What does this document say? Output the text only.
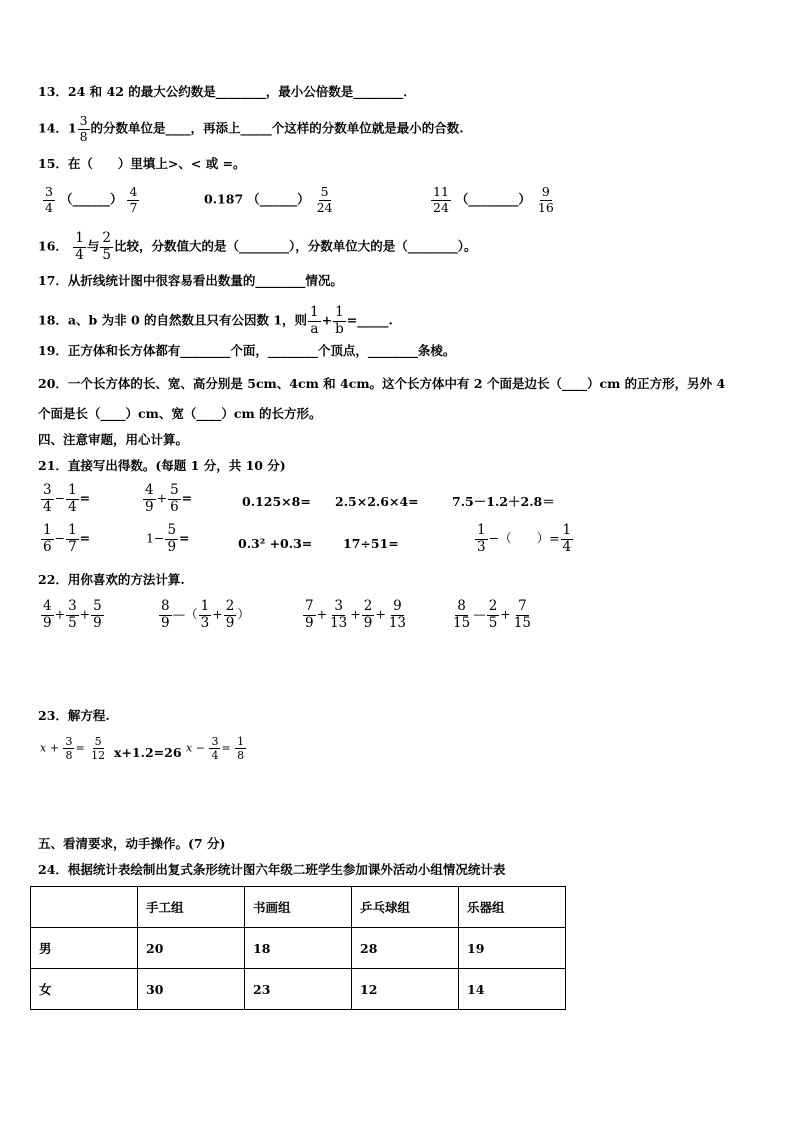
13．24 和 42 的最大公约数是________，最小公倍数是________．
14．$1 \frac{3}{8}$ 的分数单位是____，再添上_____个这样的分数单位就是最小的合数.
15．在（　　）里填上>、< 或 =。
$\frac{3}{4}$ （______） $\frac{4}{7}$	0.187 （______） $\frac{5}{24}$	$\frac{11}{24}$ （________） $\frac{9}{16}$
16． $\frac{1}{4}$ 与 $\frac{2}{5}$ 比较，分数值大的是（________），分数单位大的是（________）。
17．从折线统计图中很容易看出数量的________情况。
18．a、b 为非 0 的自然数且只有公因数 1，则 $\frac{1}{a} + \frac{1}{b}$ =_____.
19．正方体和长方体都有________个面，________个顶点，________条棱。
20．一个长方体的长、宽、高分别是 5cm、4cm 和 4cm。这个长方体中有 2 个面是边长（____）cm 的正方形，另外 4
个面是长（____）cm、宽（____）cm 的长方形。
四、注意审题，用心计算。
21．直接写出得数。(每题 1 分，共 10 分)
$\frac{3}{4} - \frac{1}{4}$ =	$\frac{4}{9} + \frac{5}{6}$ =	0.125×8= 2.5×2.6×4=	7.5－1.2＋2.8＝
$\frac{1}{6} - \frac{1}{7}$ =	$1- \frac{5}{9}$ =	0.3² +0.3= 17÷51=	$\frac{1}{3}$ −（　　）= $\frac{1}{4}$
22．用你喜欢的方法计算.
$\frac{4}{9} + \frac{3}{5} + \frac{5}{9}$	$\frac{8}{9}$ —（ $\frac{1}{3} + \frac{2}{9}$ ）	$\frac{7}{9} + \frac{3}{13} + \frac{2}{9} + \frac{9}{13}$	$\frac{8}{15}$ — $\frac{2}{5} + \frac{7}{15}$
23．解方程.
$x + \frac{3}{8} = \frac{5}{12} x+1.2=26$ $x - \frac{3}{4} = \frac{1}{8}$
五、看清要求，动手操作。(7 分)
24．根据统计表绘制出复式条形统计图六年级二班学生参加课外活动小组情况统计表
	手工组	书画组	乒乓球组	乐器组
男	20	18	28	19
女	30	23	12	14
